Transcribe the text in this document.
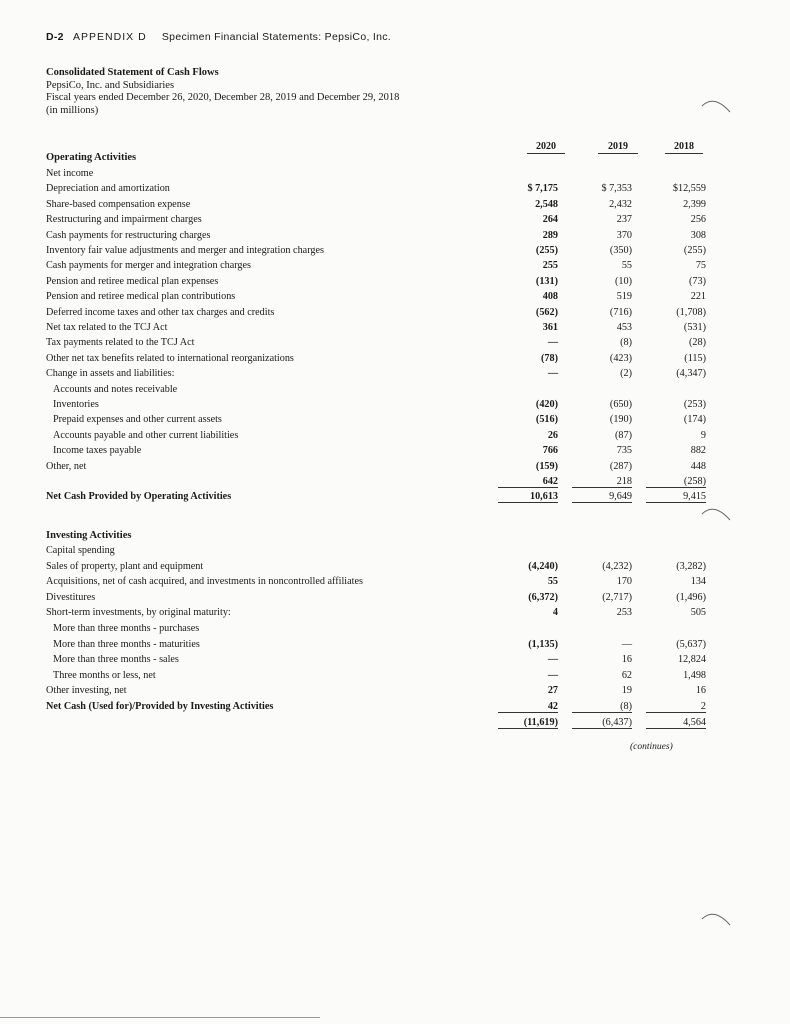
D-2 APPENDIX D Specimen Financial Statements: PepsiCo, Inc.
Consolidated Statement of Cash Flows
PepsiCo, Inc. and Subsidiaries
Fiscal years ended December 26, 2020, December 28, 2019 and December 29, 2018
(in millions)
2020	2019	2018
Operating Activities
Net income
Depreciation and amortization	$ 7,175	$ 7,353	$12,559
Share-based compensation expense	2,548	2,432	2,399
Restructuring and impairment charges	264	237	256
Cash payments for restructuring charges	289	370	308
Inventory fair value adjustments and merger and integration charges	(255)	(350)	(255)
Cash payments for merger and integration charges	255	55	75
Pension and retiree medical plan expenses	(131)	(10)	(73)
Pension and retiree medical plan contributions	408	519	221
Deferred income taxes and other tax charges and credits	(562)	(716)	(1,708)
Net tax related to the TCJ Act	361	453	(531)
Tax payments related to the TCJ Act	—	(8)	(28)
Other net tax benefits related to international reorganizations	(78)	(423)	(115)
Change in assets and liabilities:	—	(2)	(4,347)
Accounts and notes receivable
Inventories	(420)	(650)	(253)
Prepaid expenses and other current assets	(516)	(190)	(174)
Accounts payable and other current liabilities	26	(87)	9
Income taxes payable	766	735	882
Other, net	(159)	(287)	448
642	218	(258)
Net Cash Provided by Operating Activities	10,613	9,649	9,415
Investing Activities
Capital spending
Sales of property, plant and equipment	(4,240)	(4,232)	(3,282)
Acquisitions, net of cash acquired, and investments in noncontrolled affiliates	55	170	134
Divestitures	(6,372)	(2,717)	(1,496)
Short-term investments, by original maturity:	4	253	505
More than three months - purchases
More than three months - maturities	(1,135)	—	(5,637)
More than three months - sales	—	16	12,824
Three months or less, net	—	62	1,498
Other investing, net	27	19	16
Net Cash (Used for)/Provided by Investing Activities	42	(8)	2
(11,619)	(6,437)	4,564
(continues)
